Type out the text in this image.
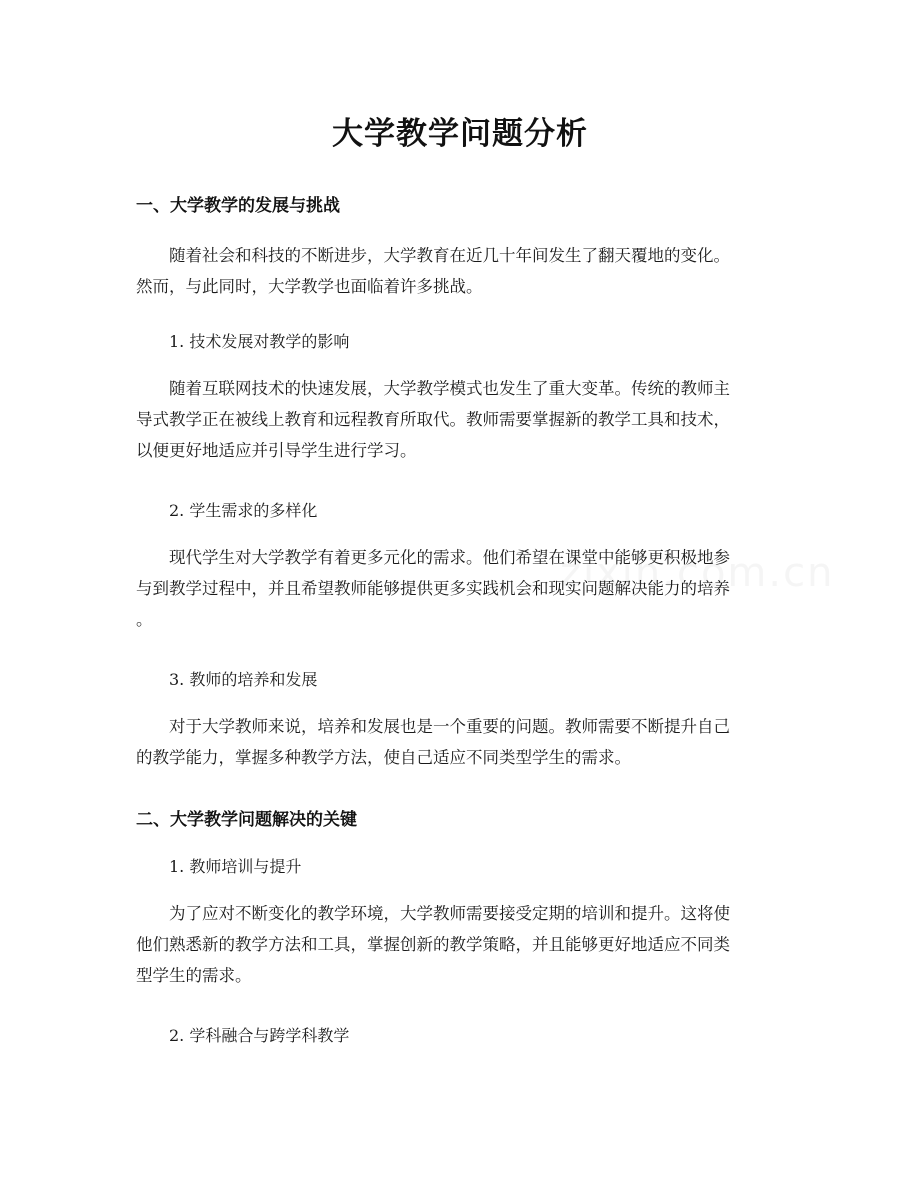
zixin.com.cn
大学教学问题分析
一、大学教学的发展与挑战
随着社会和科技的不断进步，大学教育在近几十年间发生了翻天覆地的变化。
然而，与此同时，大学教学也面临着许多挑战。
1. 技术发展对教学的影响
随着互联网技术的快速发展，大学教学模式也发生了重大变革。传统的教师主
导式教学正在被线上教育和远程教育所取代。教师需要掌握新的教学工具和技术，
以便更好地适应并引导学生进行学习。
2. 学生需求的多样化
现代学生对大学教学有着更多元化的需求。他们希望在课堂中能够更积极地参
与到教学过程中，并且希望教师能够提供更多实践机会和现实问题解决能力的培养
。
3. 教师的培养和发展
对于大学教师来说，培养和发展也是一个重要的问题。教师需要不断提升自己
的教学能力，掌握多种教学方法，使自己适应不同类型学生的需求。
二、大学教学问题解决的关键
1. 教师培训与提升
为了应对不断变化的教学环境，大学教师需要接受定期的培训和提升。这将使
他们熟悉新的教学方法和工具，掌握创新的教学策略，并且能够更好地适应不同类
型学生的需求。
2. 学科融合与跨学科教学
